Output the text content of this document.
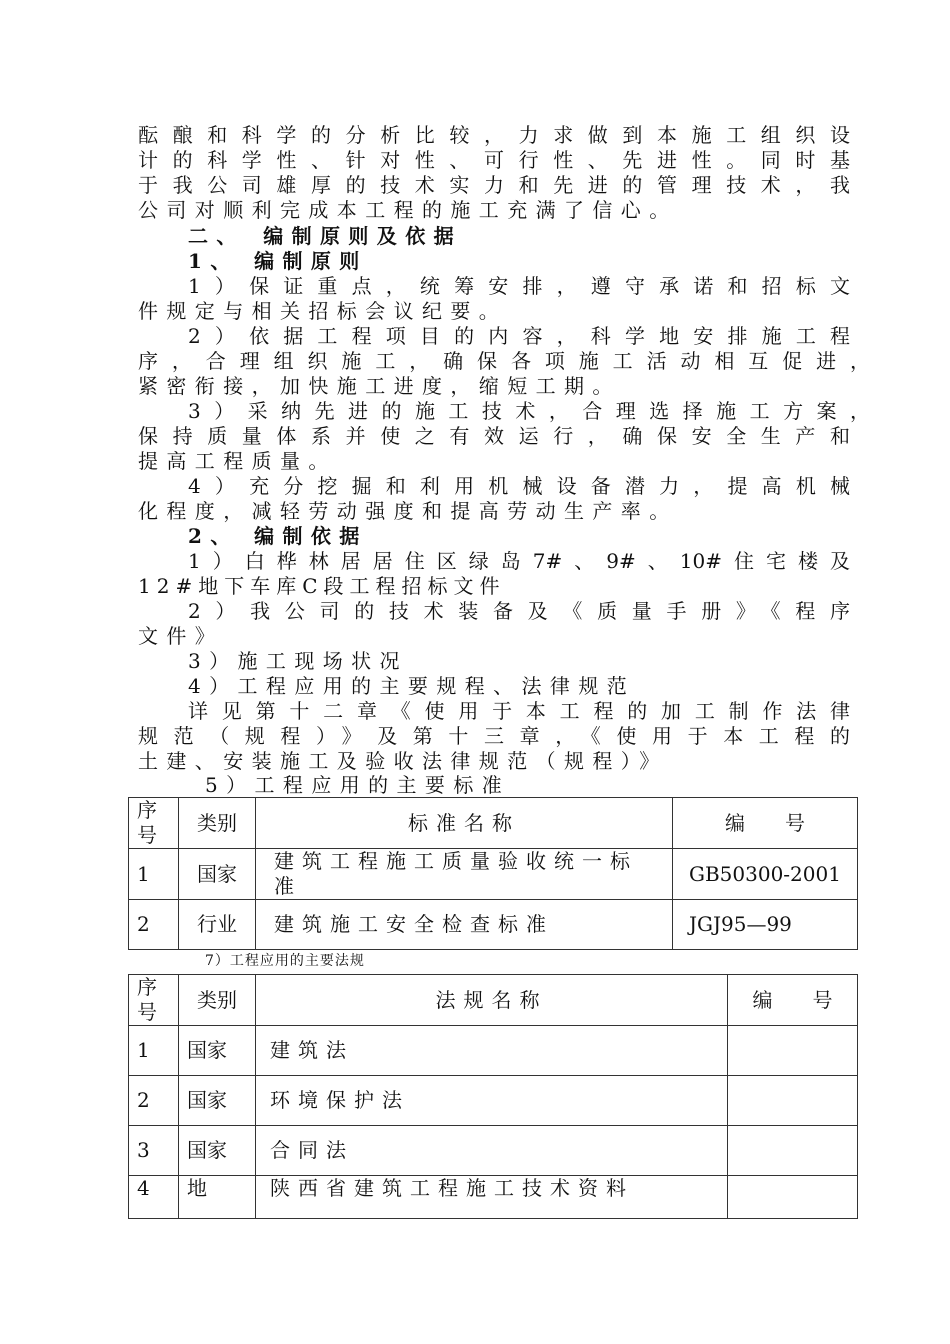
酝酿和科学的分析比较，力求做到本施工组织设
计的科学性、针对性、可行性、先进性。同时基
于我公司雄厚的技术实力和先进的管理技术，我
公司对顺利完成本工程的施工充满了信心。
二、　编制原则及依据
1、 编制原则
1）保证重点，统筹安排，遵守承诺和招标文
件规定与相关招标会议纪要。
2）依据工程项目的内容，科学地安排施工程
序，合理组织施工，确保各项施工活动相互促进，
紧密衔接，加快施工进度，缩短工期。
3）采纳先进的施工技术，合理选择施工方案，
保持质量体系并使之有效运行，确保安全生产和
提高工程质量。
4）充分挖掘和利用机械设备潜力，提高机械
化程度，减轻劳动强度和提高劳动生产率。
2、 编制依据
1）白桦林居居住区绿岛7#、9#、10#住宅楼及
12#地下车库C段工程招标文件
2）我公司的技术装备及《质量手册》《程序
文件》
3）施工现场状况
4）工程应用的主要规程、法律规范
详见第十二章《使用于本工程的加工制作法律
规范（规程）》及第十三章，《使用于本工程的
土建、安装施工及验收法律规范（规程）》
5）工程应用的主要标准
序号	类别	标准名称	编　　号
1	国家	建筑工程施工质量验收统一标准	GB50300-2001
2	行业	建筑施工安全检查标准	JGJ95—99
7）工程应用的主要法规
序号	类别	法规名称	编　　号
1	国家	建筑法	
2	国家	环境保护法	
3	国家	合同法	
4	地	陕西省建筑工程施工技术资料	
